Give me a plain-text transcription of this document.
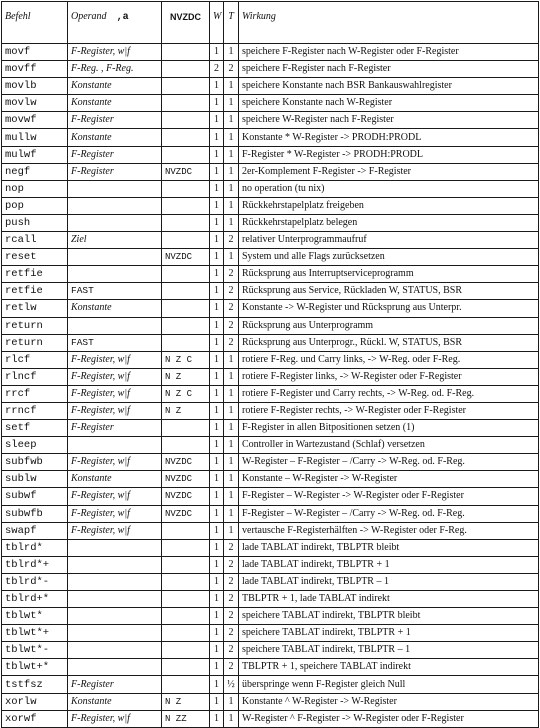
Befehl	Operand ,a	NVZDC	W	T	Wirkung
movf	F-Register, w|f		1	1	speichere F-Register nach W-Register oder F-Register
movff	F-Reg. , F-Reg.		2	2	speichere F-Register nach F-Register
movlb	Konstante		1	1	speichere Konstante nach BSR Bankauswahlregister
movlw	Konstante		1	1	speichere Konstante nach W-Register
movwf	F-Register		1	1	speichere W-Register nach F-Register
mullw	Konstante		1	1	Konstante * W-Register -> PRODH:PRODL
mulwf	F-Register		1	1	F-Register * W-Register -> PRODH:PRODL
negf	F-Register	NVZDC	1	1	2er-Komplement F-Register -> F-Register
nop			1	1	no operation (tu nix)
pop			1	1	Rückkehrstapelplatz freigeben
push			1	1	Rückkehrstapelplatz belegen
rcall	Ziel		1	2	relativer Unterprogrammaufruf
reset		NVZDC	1	1	System und alle Flags zurücksetzen
retfie			1	2	Rücksprung aus Interruptserviceprogramm
retfie	FAST		1	2	Rücksprung aus Service, Rückladen W, STATUS, BSR
retlw	Konstante		1	2	Konstante -> W-Register und Rücksprung aus Unterpr.
return			1	2	Rücksprung aus Unterprogramm
return	FAST		1	2	Rücksprung aus Unterprogr., Rückl. W, STATUS, BSR
rlcf	F-Register, w|f	N Z C	1	1	rotiere F-Reg. und Carry links, -> W-Reg. oder F-Reg.
rlncf	F-Register, w|f	N Z	1	1	rotiere F-Register links, -> W-Register oder F-Register
rrcf	F-Register, w|f	N Z C	1	1	rotiere F-Register und Carry rechts, -> W-Reg. od. F-Reg.
rrncf	F-Register, w|f	N Z	1	1	rotiere F-Register rechts, -> W-Register oder F-Register
setf	F-Register		1	1	F-Register in allen Bitpositionen setzen (1)
sleep			1	1	Controller in Wartezustand (Schlaf) versetzen
subfwb	F-Register, w|f	NVZDC	1	1	W-Register – F-Register – /Carry -> W-Reg. od. F-Reg.
sublw	Konstante	NVZDC	1	1	Konstante – W-Register -> W-Register
subwf	F-Register, w|f	NVZDC	1	1	F-Register – W-Register -> W-Register oder F-Register
subwfb	F-Register, w|f	NVZDC	1	1	F-Register – W-Register – /Carry -> W-Reg. od. F-Reg.
swapf	F-Register, w|f		1	1	vertausche F-Registerhälften -> W-Register oder F-Reg.
tblrd*			1	2	lade TABLAT indirekt, TBLPTR bleibt
tblrd*+			1	2	lade TABLAT indirekt, TBLPTR + 1
tblrd*-			1	2	lade TABLAT indirekt, TBLPTR – 1
tblrd+*			1	2	TBLPTR + 1, lade TABLAT indirekt
tblwt*			1	2	speichere TABLAT indirekt, TBLPTR bleibt
tblwt*+			1	2	speichere TABLAT indirekt, TBLPTR + 1
tblwt*-			1	2	speichere TABLAT indirekt, TBLPTR – 1
tblwt+*			1	2	TBLPTR + 1, speichere TABLAT indirekt
tstfsz	F-Register		1	½	überspringe wenn F-Register gleich Null
xorlw	Konstante	N Z	1	1	Konstante ^ W-Register -> W-Register
xorwf	F-Register, w|f	N ZZ	1	1	W-Register ^ F-Register -> W-Register oder F-Register
